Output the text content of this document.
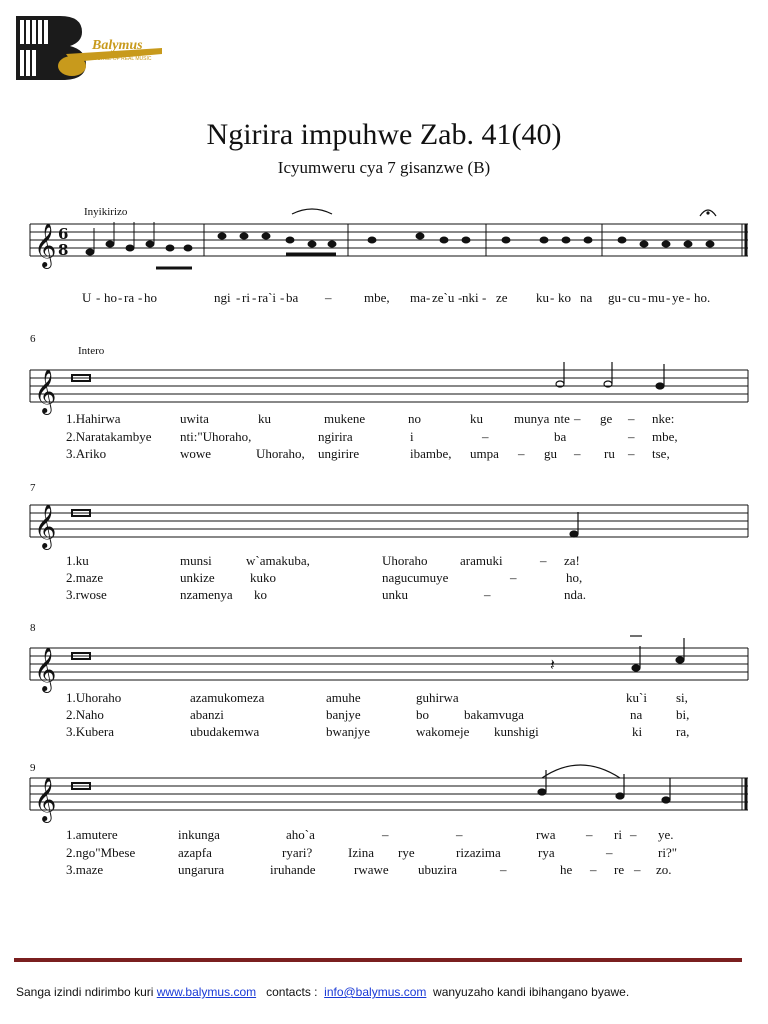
Balymus
SOURCE OF REAL MUSIC
Ngirira impuhwe Zab. 41(40)
Icyumweru cya 7 gisanzwe (B)
𝄞
𝄞
𝄞
𝄞
𝄞
6
8
𝄽
Inyikirizo
6
Intero
7
8
9
U - ho - ra - ho	ngi - ri - ra`i - ba –	mbe, ma - ze`u - nki - ze ku - ko na gu - cu - mu - ye - ho.
1.Hahirwa	uwita	ku	mukene	no	ku munya nte – ge – nke:
2.Naratakambye nti:"Uhoraho,	ngirira	i	–	ba	– mbe,
3.Ariko	wowe	Uhoraho, ungirire	ibambe, umpa – gu – ru – tse,
1.ku	munsi	w`amakuba,	Uhoraho	aramuki	– za!
2.maze	unkize	kuko	nagucumuye	–	ho,
3.rwose	nzamenya ko	unku	–	nda.
1.Uhoraho	azamukomeza	amuhe	guhirwa	ku`i si,
2.Naho	abanzi	banjye	bo	bakamvuga	na	bi,
3.Kubera	ubudakemwa	bwanjye	wakomeje kunshigi	ki	ra,
1.amutere	inkunga	aho`a	–	–	rwa – ri – ye.
2.ngo"Mbese	azapfa	ryari?	Izina rye	rizazima	rya	–	ri?"
3.maze	ungarura	iruhande	rwawe ubuzira	–	he – re – zo.
Sanga izindi ndirimbo kuri www.balymus.com contacts : info@balymus.com wanyuzaho kandi ibihangano byawe.
